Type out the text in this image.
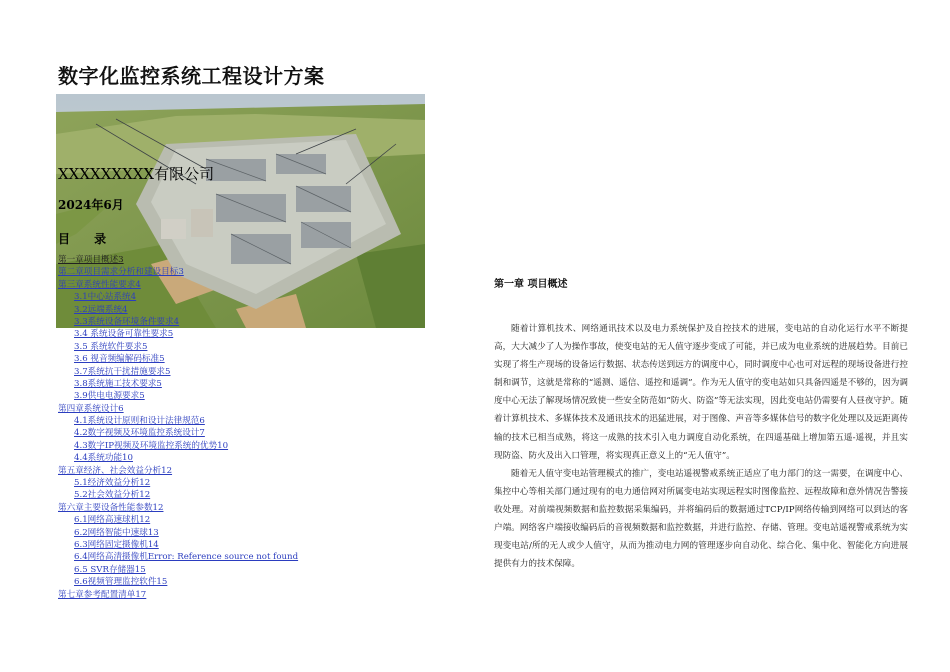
数字化监控系统工程设计方案
XXXXXXXXX有限公司
2024年6月
目 录
第一章项目概述3
第二章项目需求分析和建设目标3
第三章系统性能要求4
3.1中心站系统4
3.2远端系统4
3.3系统设备环境条件要求4
3.4 系统设备可靠性要求5
3.5 系统软件要求5
3.6 视音频编解码标准5
3.7系统抗干扰措施要求5
3.8系统施工技术要求5
3.9供电电源要求5
第四章系统设计6
4.1系统设计原则和设计法律规范6
4.2数字视频及环境监控系统设计7
4.3数字IP视频及环境监控系统的优势10
4.4系统功能10
第五章经济、社会效益分析12
5.1经济效益分析12
5.2社会效益分析12
第六章主要设备性能参数12
6.1网络高速球机12
6.2网络智能中速球13
6.3网络固定摄像机14
6.4网络高清摄像机Error: Reference source not found
6.5 SVR存储器15
6.6视频管理监控软件15
第七章参考配置清单17
第一章 项目概述

随着计算机技术、网络通讯技术以及电力系统保护及自控技术的进展，变电站的自动化运行水平不断提高，大大减少了人为操作事故，使变电站的无人值守逐步变成了可能，并已成为电业系统的进展趋势。目前已实现了将生产现场的设备运行数据、状态传送到远方的调度中心，同时调度中心也可对远程的现场设备进行控制和调节，这就是常称的“遥测、遥信、遥控和遥调”。作为无人值守的变电站如只具备四遥是不够的，因为调度中心无法了解现场情况致使一些安全防范如“防火、防盗”等无法实现，因此变电站仍需要有人昼夜守护。随着计算机技术、多媒体技术及通讯技术的迅猛进展，对于图像、声音等多媒体信号的数字化处理以及远距离传输的技术已相当成熟，将这一成熟的技术引入电力调度自动化系统，在四遥基础上增加第五遥-遥视，并且实现防盗、防火及出入口管理，将实现真正意义上的“无人值守”。

随着无人值守变电站管理模式的推广，变电站遥视警戒系统正适应了电力部门的这一需要，在调度中心、集控中心等相关部门通过现有的电力通信网对所属变电站实现远程实时图像监控、远程故障和意外情况告警接收处理。对前端视频数据和监控数据采集编码，并将编码后的数据通过TCP/IP网络传输到网络可以到达的客户端。网络客户端接收编码后的音视频数据和监控数据，并进行监控、存储、管理。变电站遥视警戒系统为实现变电站/所的无人或少人值守，从而为推动电力网的管理逐步向自动化、综合化、集中化、智能化方向进展提供有力的技术保障。
